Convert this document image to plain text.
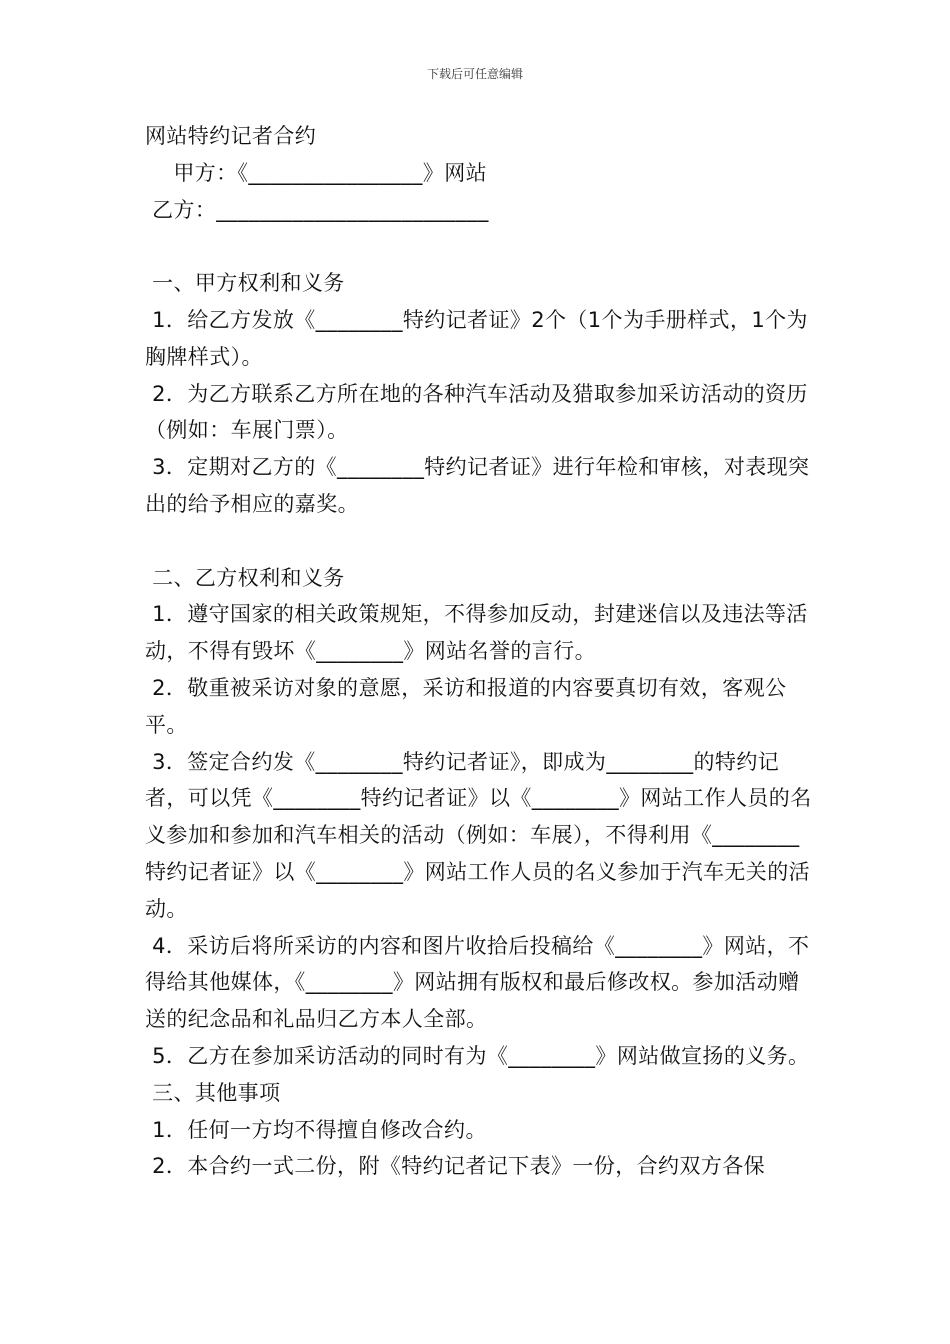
下载后可任意编辑

网站特约记者合约

甲方：《________________》网站

乙方：_________________________

一、甲方权利和义务

1．给乙方发放《________特约记者证》2个（1个为手册样式，1个为胸牌样式）。

2．为乙方联系乙方所在地的各种汽车活动及猎取参加采访活动的资历（例如：车展门票）。

3．定期对乙方的《________特约记者证》进行年检和审核，对表现突出的给予相应的嘉奖。

二、乙方权利和义务

1．遵守国家的相关政策规矩，不得参加反动，封建迷信以及违法等活动，不得有毁坏《________》网站名誉的言行。

2．敬重被采访对象的意愿，采访和报道的内容要真切有效，客观公平。

3．签定合约发《________特约记者证》，即成为________的特约记者，可以凭《________特约记者证》以《________》网站工作人员的名义参加和参加和汽车相关的活动（例如：车展），不得利用《________特约记者证》以《________》网站工作人员的名义参加于汽车无关的活动。

4．采访后将所采访的内容和图片收拾后投稿给《________》网站，不得给其他媒体，《________》网站拥有版权和最后修改权。参加活动赠送的纪念品和礼品归乙方本人全部。

5．乙方在参加采访活动的同时有为《________》网站做宣扬的义务。

三、其他事项

1．任何一方均不得擅自修改合约。

2．本合约一式二份，附《特约记者记下表》一份，合约双方各保
